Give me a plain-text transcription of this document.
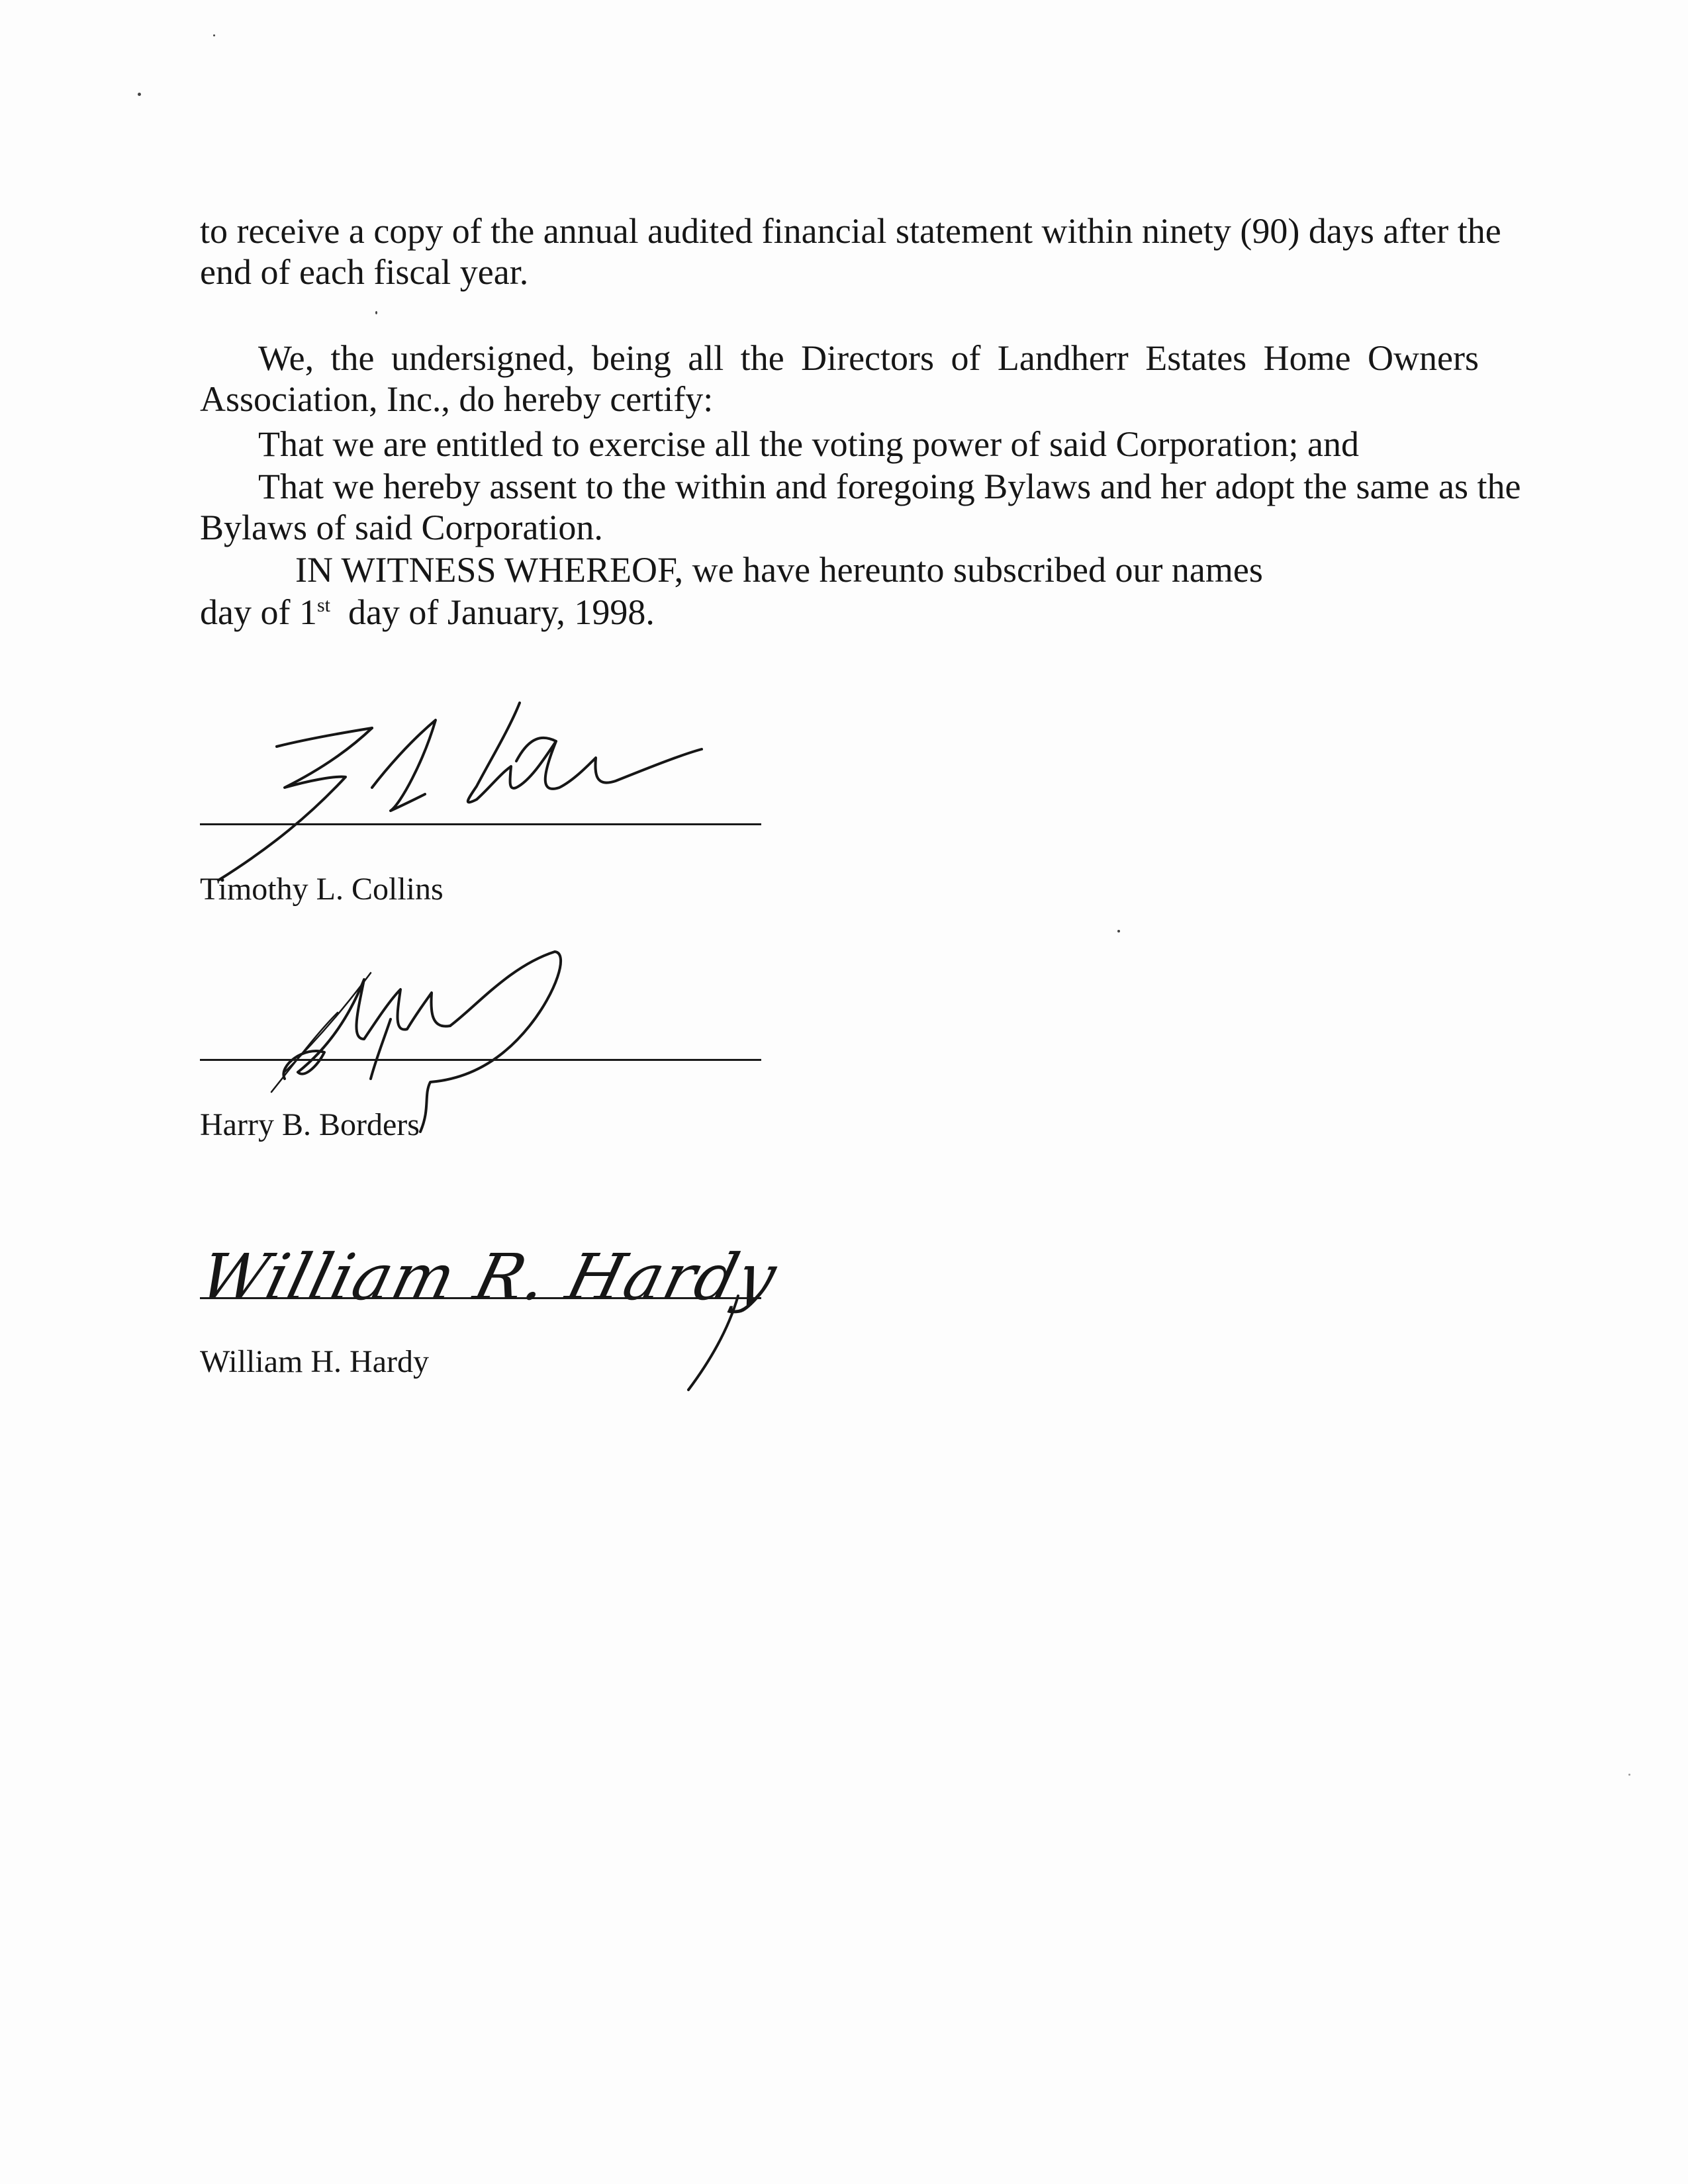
to receive a copy of the annual audited financial statement within ninety (90) days after the

end of each fiscal year.

We, the undersigned, being all the Directors of Landherr Estates Home Owners

Association, Inc., do hereby certify:

That we are entitled to exercise all the voting power of said Corporation; and

That we hereby assent to the within and foregoing Bylaws and her adopt the same as the

Bylaws of said Corporation.

IN WITNESS WHEREOF, we have hereunto subscribed our names

day of 1st  day of January, 1998.

Timothy L. Collins
Harry B. Borders
William R. Hardy
William H. Hardy
